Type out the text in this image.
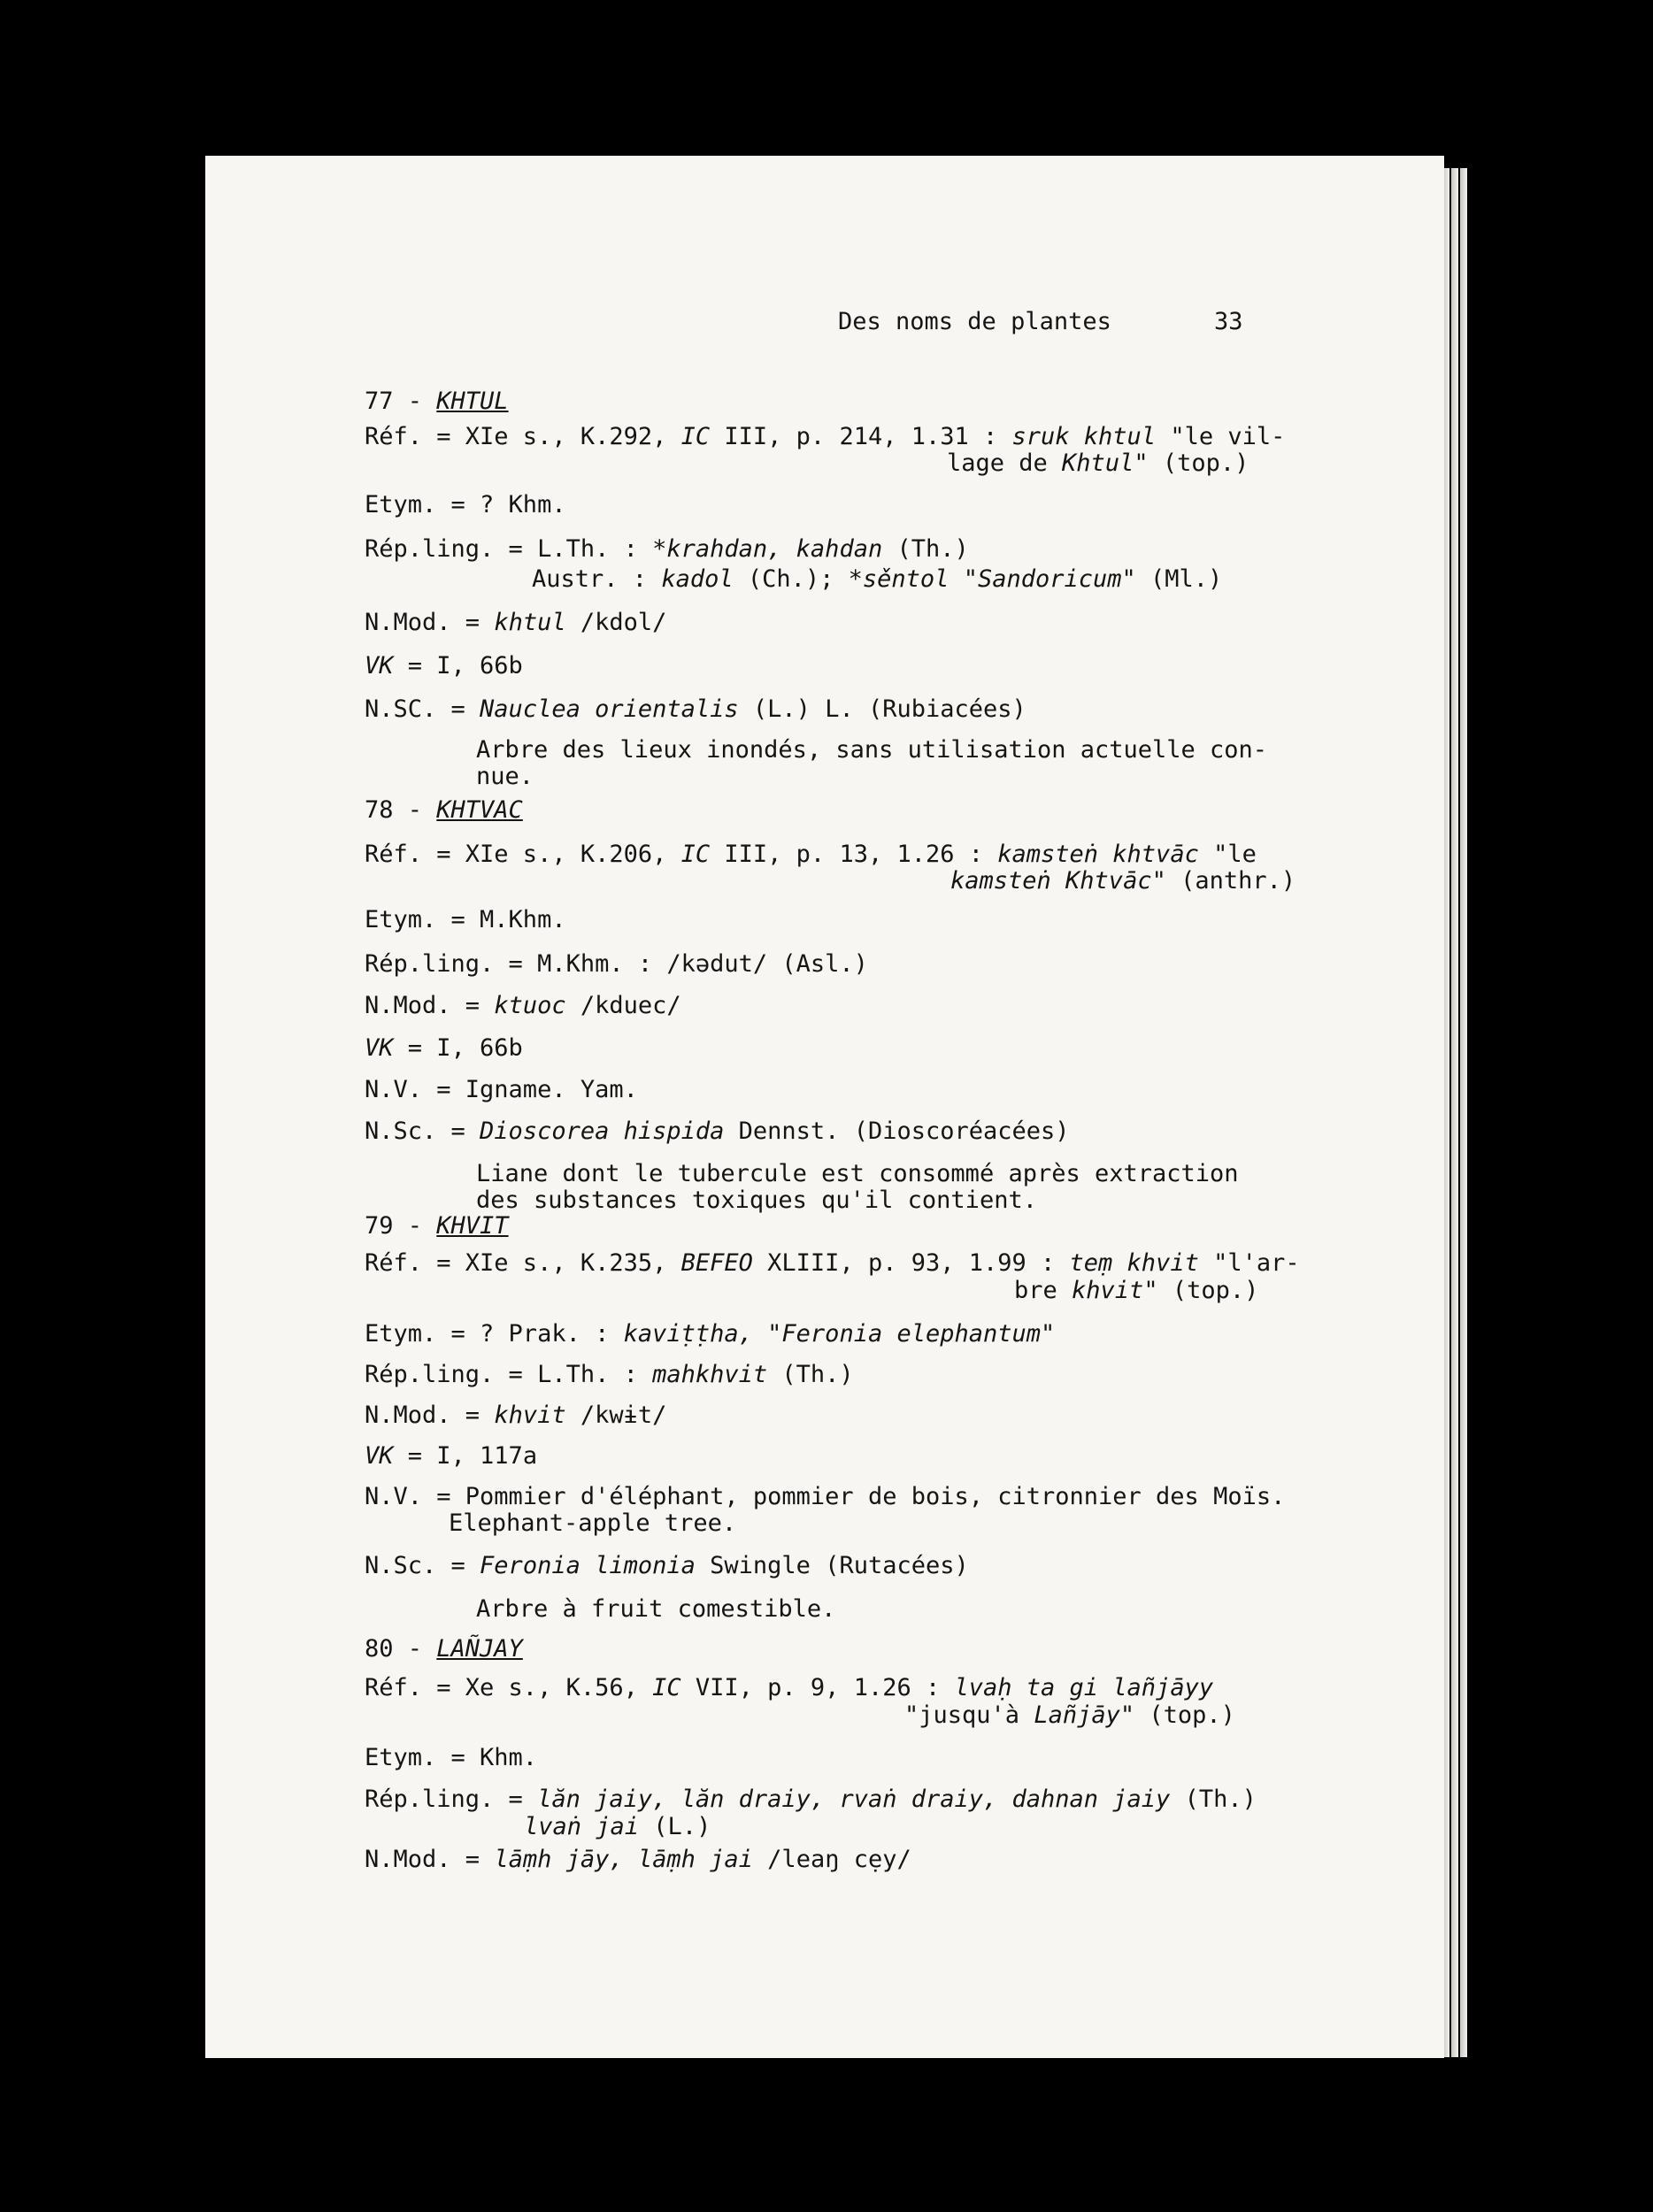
Des noms de plantes	33
77 - KHTUL
Réf. = XIe s., K.292, IC III, p. 214, 1.31 : sruk khtul "le vil-
lage de Khtul" (top.)
Etym. = ? Khm.
Rép.ling. = L.Th. : *krahdan, kahdan (Th.)
Austr. : kadol (Ch.); *sěntol "Sandoricum" (Ml.)
N.Mod. = khtul /kdol/
VK = I, 66b
N.SC. = Nauclea orientalis (L.) L. (Rubiacées)
Arbre des lieux inondés, sans utilisation actuelle con-
nue.
78 - KHTVAC
Réf. = XIe s., K.206, IC III, p. 13, 1.26 : kamsteṅ khtvāc "le
kamsteṅ Khtvāc" (anthr.)
Etym. = M.Khm.
Rép.ling. = M.Khm. : /kədut/ (Asl.)
N.Mod. = ktuoc /kduec/
VK = I, 66b
N.V. = Igname. Yam.
N.Sc. = Dioscorea hispida Dennst. (Dioscoréacées)
Liane dont le tubercule est consommé après extraction
des substances toxiques qu'il contient.
79 - KHVIT
Réf. = XIe s., K.235, BEFEO XLIII, p. 93, 1.99 : teṃ khvit "l'ar-
bre khvit" (top.)
Etym. = ? Prak. : kaviṭṭha, "Feronia elephantum"
Rép.ling. = L.Th. : mahkhvit (Th.)
N.Mod. = khvit /kwɨt/
VK = I, 117a
N.V. = Pommier d'éléphant, pommier de bois, citronnier des Moïs.
Elephant-apple tree.
N.Sc. = Feronia limonia Swingle (Rutacées)
Arbre à fruit comestible.
80 - LAÑJAY
Réf. = Xe s., K.56, IC VII, p. 9, 1.26 : lvaḥ ta gi lañjāyy
"jusqu'à Lañjāy" (top.)
Etym. = Khm.
Rép.ling. = lăn jaiy, lăn draiy, rvaṅ draiy, dahnan jaiy (Th.)
lvaṅ jai (L.)
N.Mod. = lāṃh jāy, lāṃh jai /leaŋ cẹy/
